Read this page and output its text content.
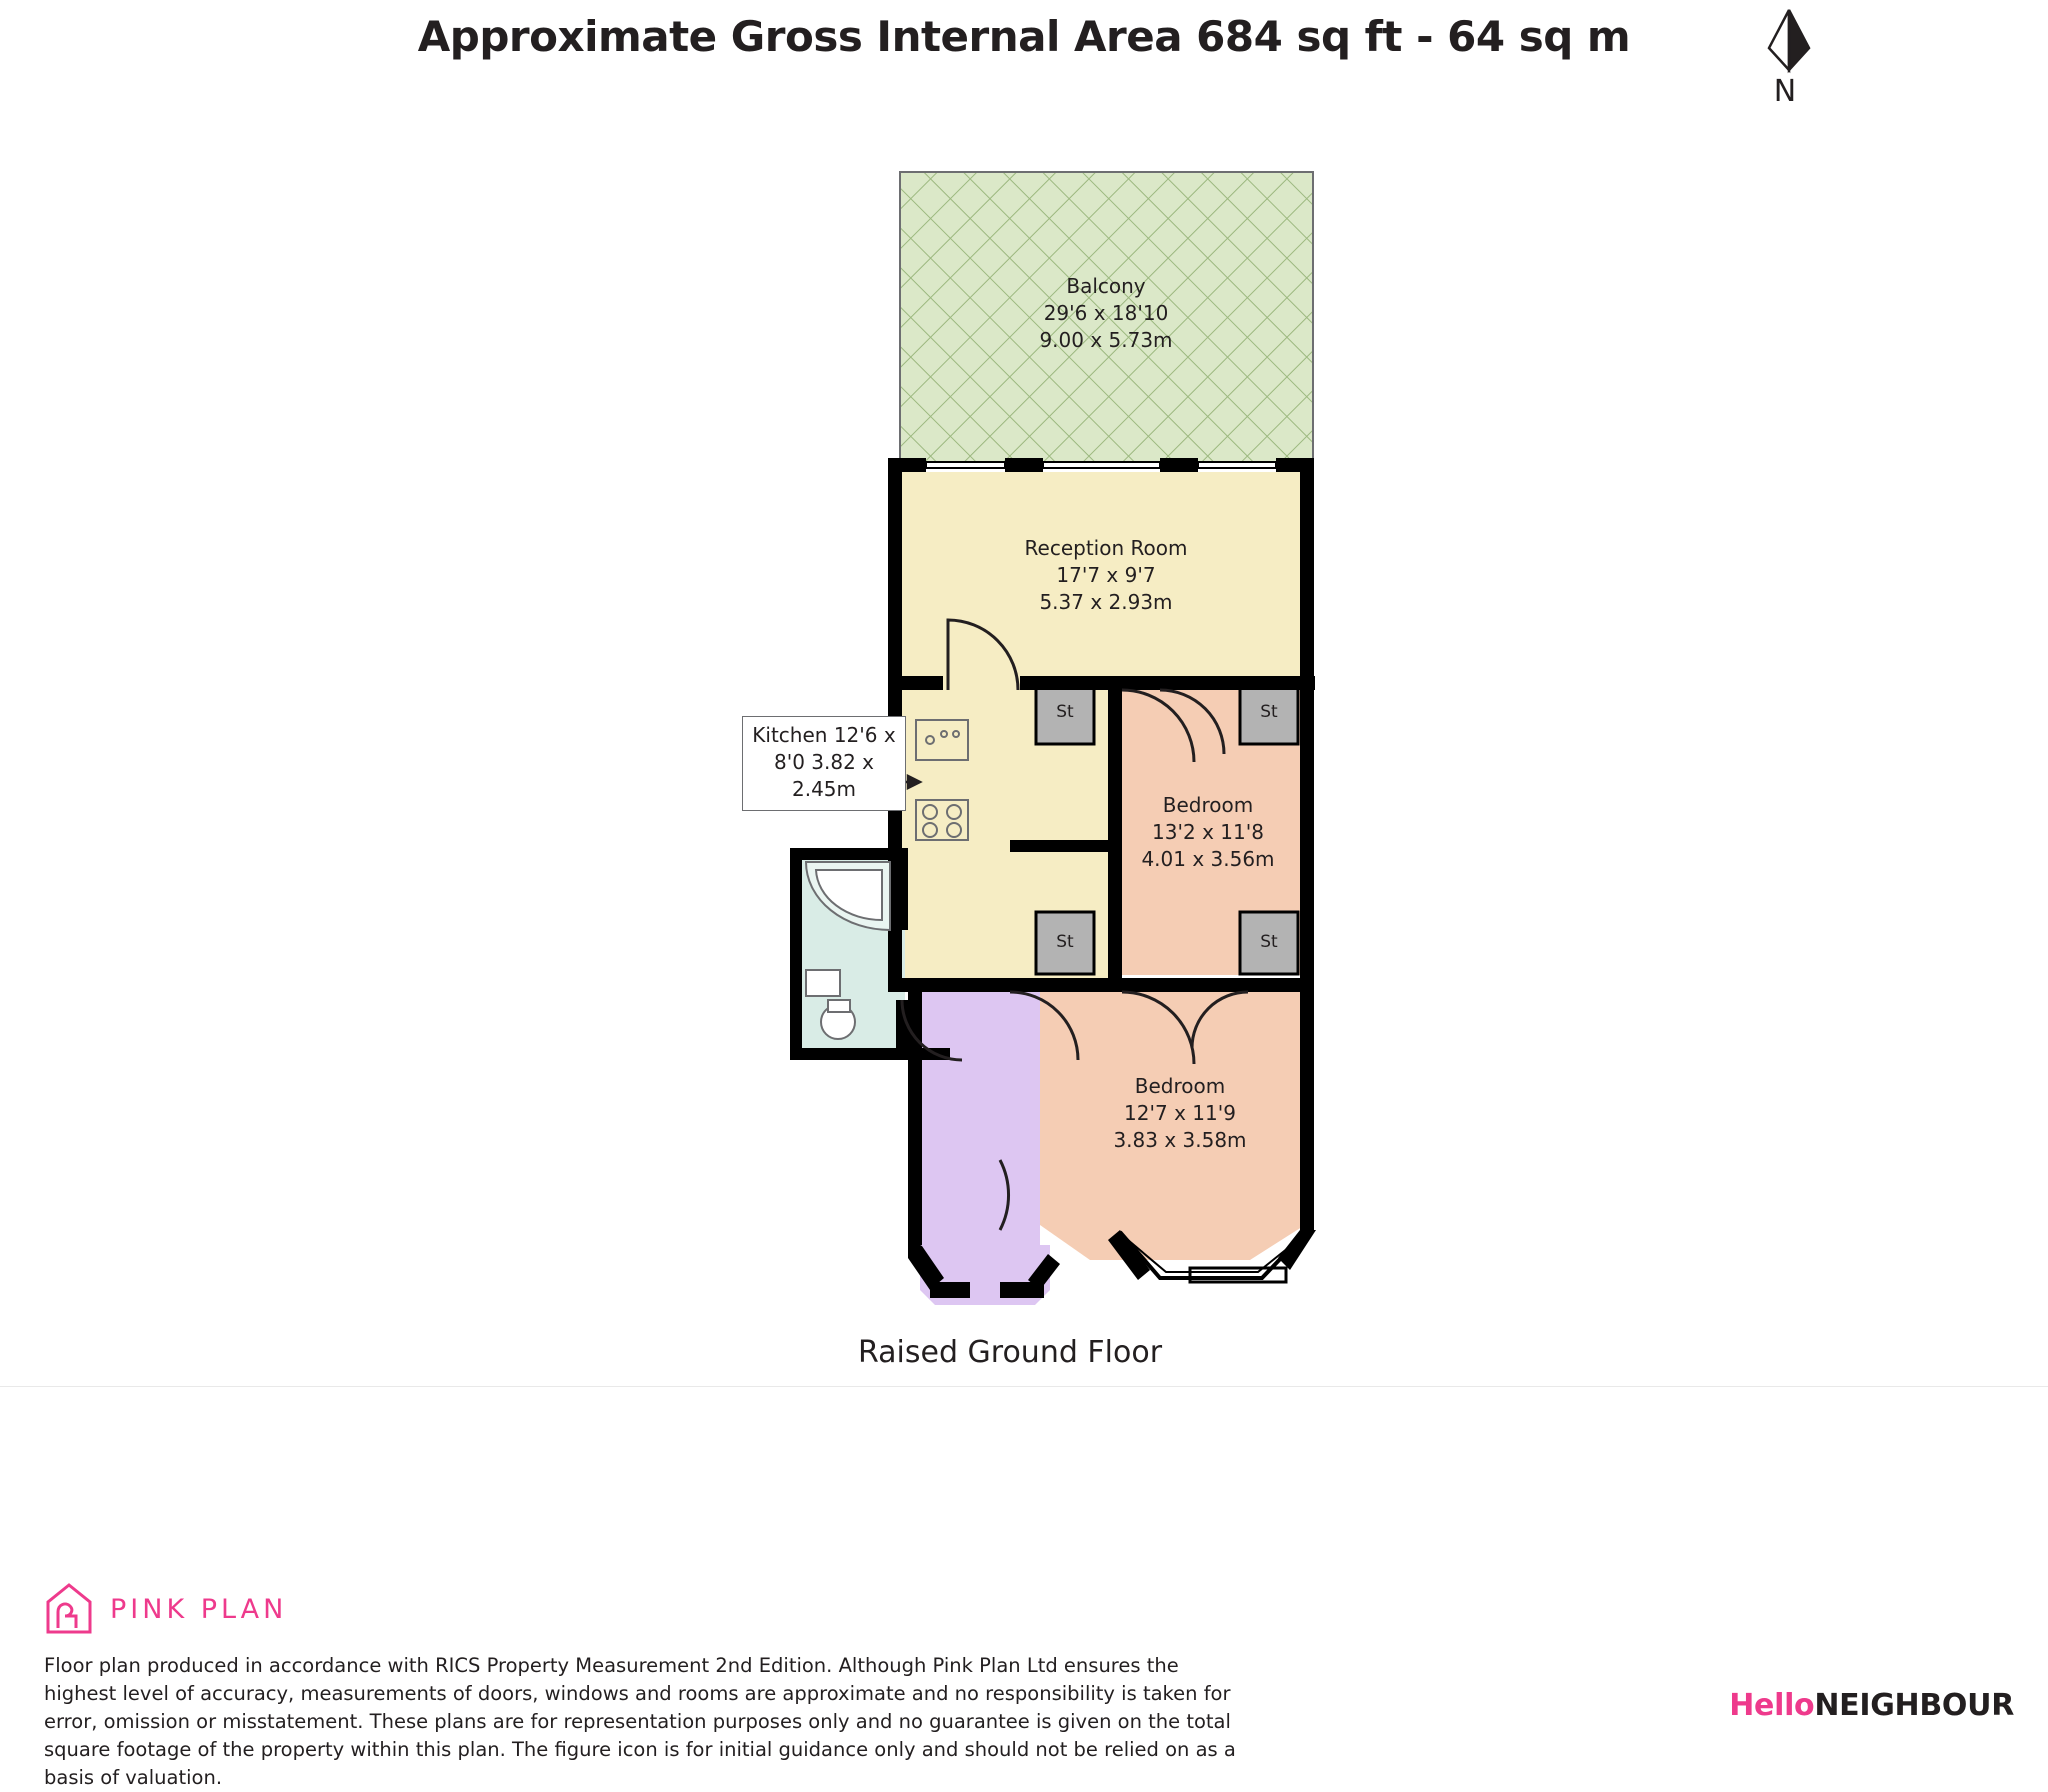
Approximate Gross Internal Area 684 sq ft - 64 sq m
N
Balcony
29'6 x 18'10
9.00 x 5.73m
Reception Room
17'7 x 9'7
5.37 x 2.93m
Bedroom
13'2 x 11'8
4.01 x 3.56m
Bedroom
12'7 x 11'9
3.83 x 3.58m
Kitchen 12'6 x 8'0 3.82 x 2.45m
St	St
St	St
Raised Ground Floor
PINK PLAN
Floor plan produced in accordance with RICS Property Measurement 2nd Edition. Although Pink Plan Ltd ensures the highest level of accuracy, measurements of doors, windows and rooms are approximate and no responsibility is taken for error, omission or misstatement. These plans are for representation purposes only and no guarantee is given on the total square footage of the property within this plan. The figure icon is for initial guidance only and should not be relied on as a basis of valuation.
HelloNEIGHBOUR
